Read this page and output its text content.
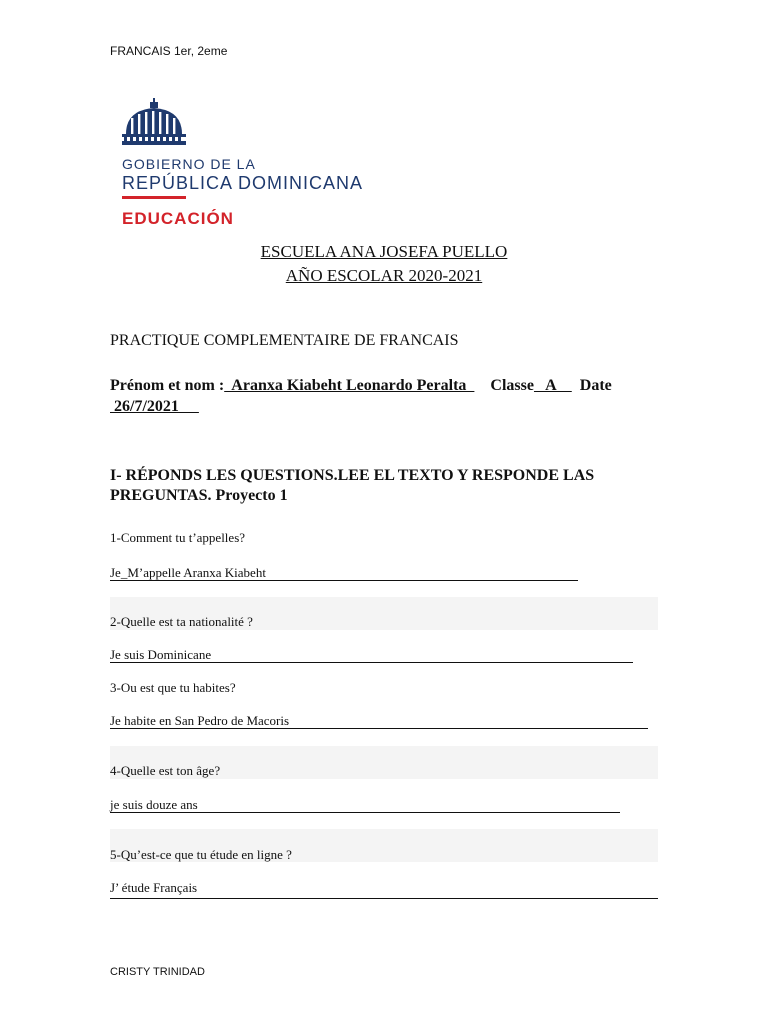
FRANCAIS 1er, 2eme
GOBIERNO DE LA
REPÚBLICA DOMINICANA
EDUCACIÓN
ESCUELA ANA JOSEFA PUELLO
AÑO ESCOLAR 2020-2021
PRACTIQUE COMPLEMENTAIRE DE FRANCAIS
Prénom et nom :  Aranxa Kiabeht Leonardo Peralta      Classe   A      Date
26/7/2021
I- RÉPONDS LES QUESTIONS.LEE EL TEXTO Y RESPONDE LAS PREGUNTAS. Proyecto 1
1-Comment tu t’appelles?
Je_M’appelle Aranxa Kiabeht
2-Quelle est ta nationalité ?
Je suis Dominicane
3-Ou est que tu habites?
Je habite en San Pedro de Macoris
4-Quelle est ton âge?
je suis douze ans
5-Qu’est-ce que tu étude en ligne ?
J’ étude Français
CRISTY TRINIDAD
